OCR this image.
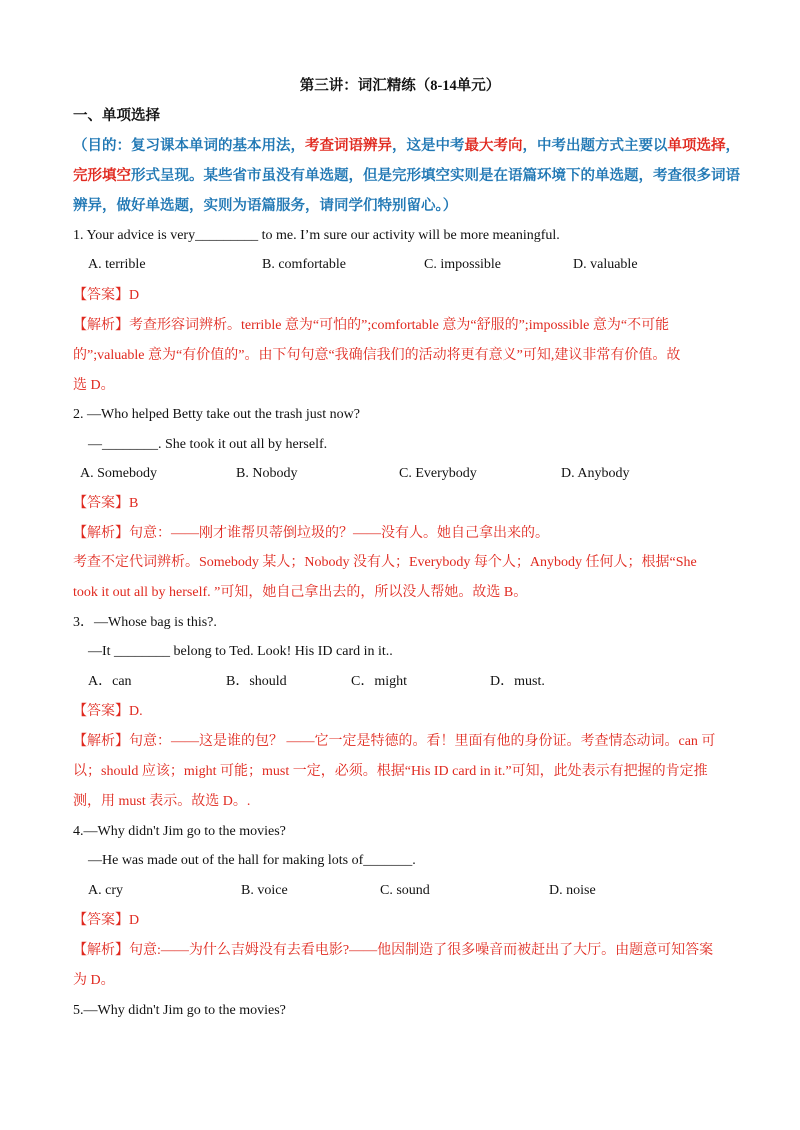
第三讲：词汇精练（8-14单元）
一、单项选择
（目的：复习课本单词的基本用法，考查词语辨异，这是中考最大考向，中考出题方式主要以单项选择，
完形填空形式呈现。某些省市虽没有单选题，但是完形填空实则是在语篇环境下的单选题，考查很多词语
辨异，做好单选题，实则为语篇服务，请同学们特别留心。）
1. Your advice is very_________ to me. I’m sure our activity will be more meaningful.
A. terrible	B. comfortable	C. impossible	D. valuable
【答案】D
【解析】考查形容词辨析。terrible 意为“可怕的”;comfortable 意为“舒服的”;impossible 意为“不可能
的”;valuable 意为“有价值的”。由下句句意“我确信我们的活动将更有意义”可知,建议非常有价值。故
选 D。
2. —Who helped Betty take out the trash just now?
—________. She took it out all by herself.
A. Somebody	B. Nobody	C. Everybody	D. Anybody
【答案】B
【解析】句意：——刚才谁帮贝蒂倒垃圾的？——没有人。她自己拿出来的。
考查不定代词辨析。Somebody 某人；Nobody 没有人；Everybody 每个人；Anybody 任何人；根据“She
took it out all by herself. ”可知，她自己拿出去的，所以没人帮她。故选 B。
3．—Whose bag is this?.
—It ________ belong to Ted. Look! His ID card in it..
A．can	B．should	C．might	D．must.
【答案】D.
【解析】句意：——这是谁的包？ ——它一定是特德的。看！里面有他的身份证。考查情态动词。can 可
以；should 应该；might 可能；must 一定，必须。根据“His ID card in it.”可知，此处表示有把握的肯定推
测，用 must 表示。故选 D。.
4.—Why didn't Jim go to the movies?
—He was made out of the hall for making lots of_______.
A. cry	B. voice	C. sound	D. noise
【答案】D
【解析】句意:——为什么吉姆没有去看电影?——他因制造了很多噪音而被赶出了大厅。由题意可知答案
为 D。
5.—Why didn't Jim go to the movies?
